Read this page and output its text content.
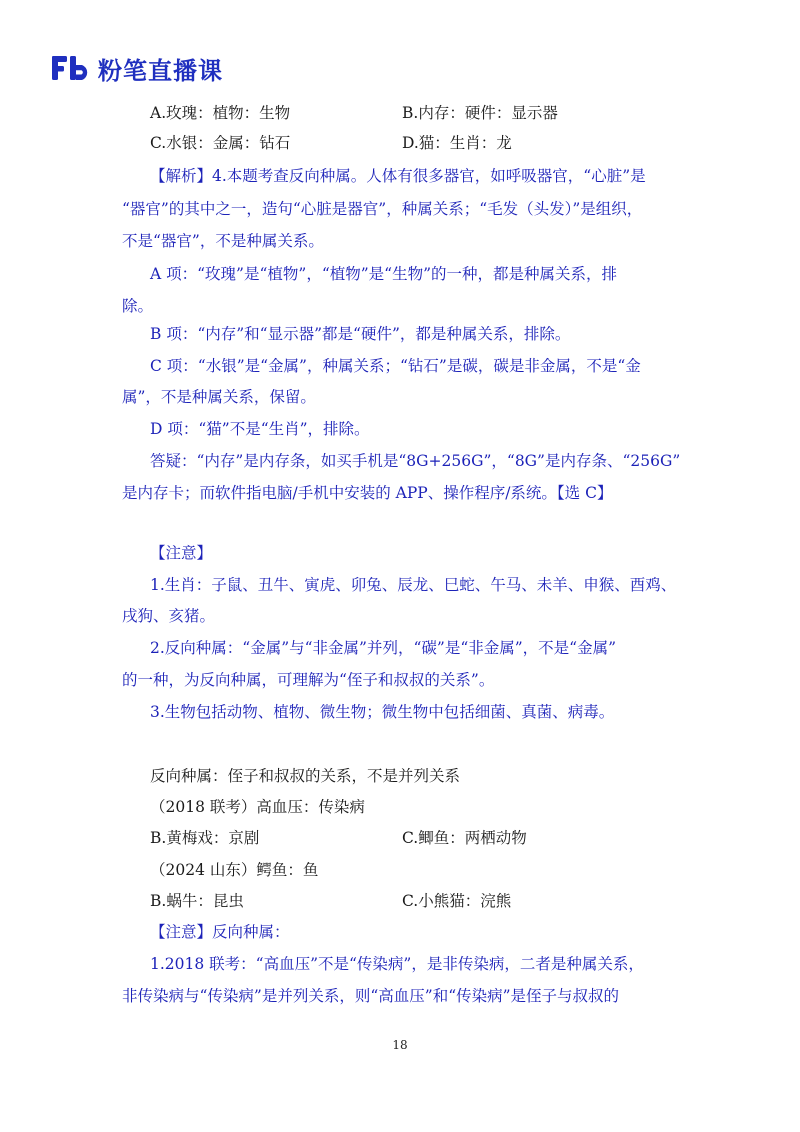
粉笔直播课
A.玫瑰：植物：生物	B.内存：硬件：显示器
C.水银：金属：钻石	D.猫：生肖：龙
【解析】4.本题考查反向种属。人体有很多器官，如呼吸器官，“心脏”是
“器官”的其中之一，造句“心脏是器官”，种属关系；“毛发（头发）”是组织，
不是“器官”，不是种属关系。
A 项：“玫瑰”是“植物”，“植物”是“生物”的一种，都是种属关系，排
除。
B 项：“内存”和“显示器”都是“硬件”，都是种属关系，排除。
C 项：“水银”是“金属”，种属关系；“钻石”是碳，碳是非金属，不是“金
属”，不是种属关系，保留。
D 项：“猫”不是“生肖”，排除。
答疑：“内存”是内存条，如买手机是“8G+256G”，“8G”是内存条、“256G”
是内存卡；而软件指电脑/手机中安装的 APP、操作程序/系统。【选 C】
【注意】
1.生肖：子鼠、丑牛、寅虎、卯兔、辰龙、巳蛇、午马、未羊、申猴、酉鸡、
戌狗、亥猪。
2.反向种属：“金属”与“非金属”并列，“碳”是“非金属”，不是“金属”
的一种，为反向种属，可理解为“侄子和叔叔的关系”。
3.生物包括动物、植物、微生物；微生物中包括细菌、真菌、病毒。
反向种属：侄子和叔叔的关系，不是并列关系
（2018 联考）高血压：传染病
B.黄梅戏：京剧	C.鲫鱼：两栖动物
（2024 山东）鳄鱼：鱼
B.蜗牛：昆虫	C.小熊猫：浣熊
【注意】反向种属：
1.2018 联考：“高血压”不是“传染病”，是非传染病，二者是种属关系，
非传染病与“传染病”是并列关系，则“高血压”和“传染病”是侄子与叔叔的
18
